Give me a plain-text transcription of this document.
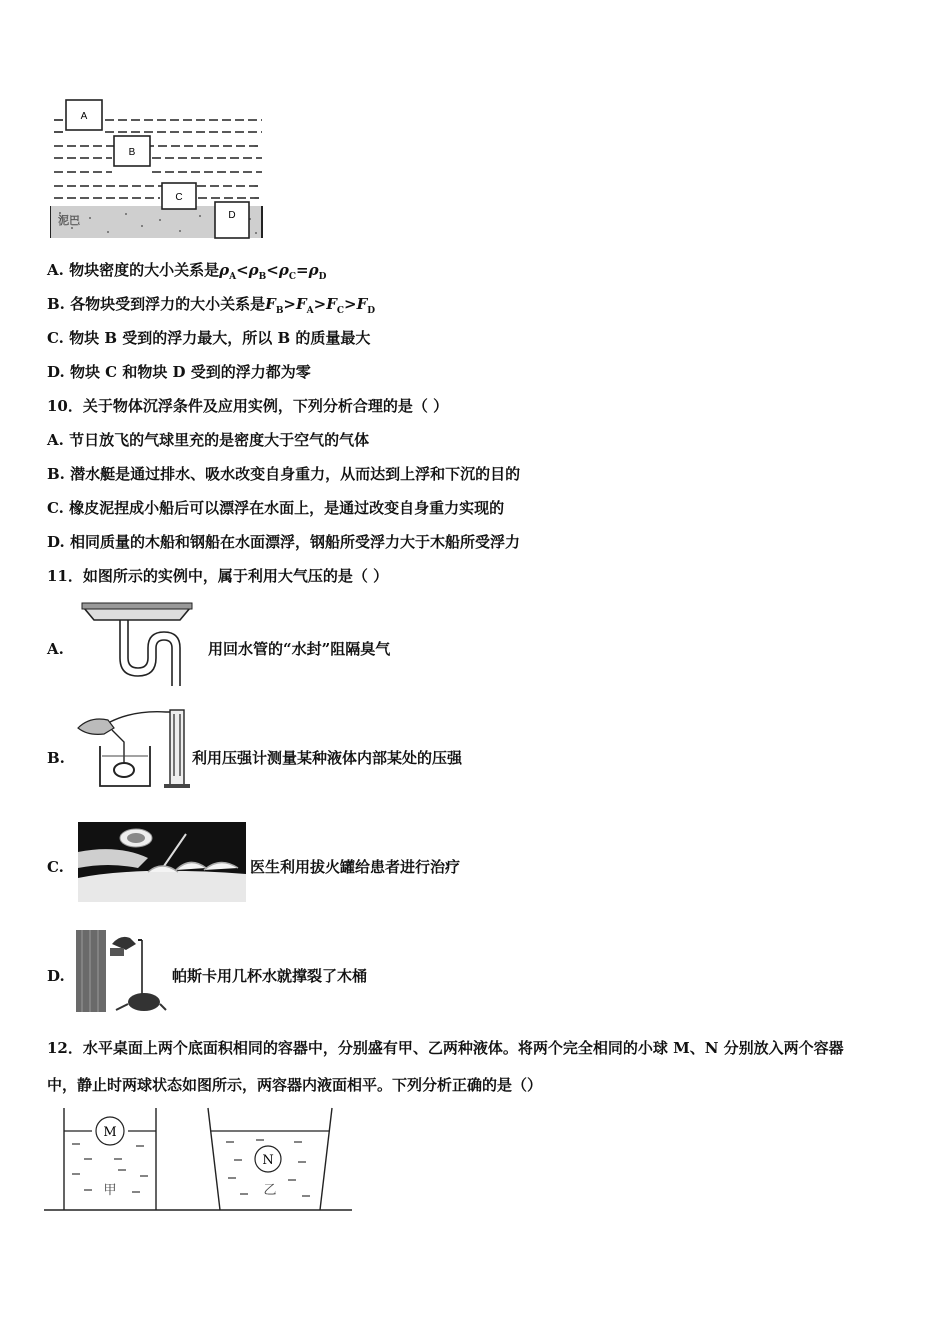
A
B
C
D
泥巴
A. 物块密度的大小关系是$\rho_A<\rho_B<\rho_C=\rho_D$
B. 各物块受到浮力的大小关系是$F_B>F_A>F_C>F_D$
C. 物块 B 受到的浮力最大，所以 B 的质量最大
D. 物块 C 和物块 D 受到的浮力都为零
10．关于物体沉浮条件及应用实例，下列分析合理的是（ ）
A. 节日放飞的气球里充的是密度大于空气的气体
B. 潜水艇是通过排水、吸水改变自身重力，从而达到上浮和下沉的目的
C. 橡皮泥捏成小船后可以漂浮在水面上，是通过改变自身重力实现的
D. 相同质量的木船和钢船在水面漂浮，钢船所受浮力大于木船所受浮力
11．如图所示的实例中，属于利用大气压的是（ ）
A.	用回水管的“水封”阻隔臭气
B.	利用压强计测量某种液体内部某处的压强
C.	医生利用拔火罐给患者进行治疗
D.	帕斯卡用几杯水就撑裂了木桶
12．水平桌面上两个底面积相同的容器中，分别盛有甲、乙两种液体。将两个完全相同的小球 M、N 分别放入两个容器
中，静止时两球状态如图所示，两容器内液面相平。下列分析正确的是（）
M
N
甲	乙
